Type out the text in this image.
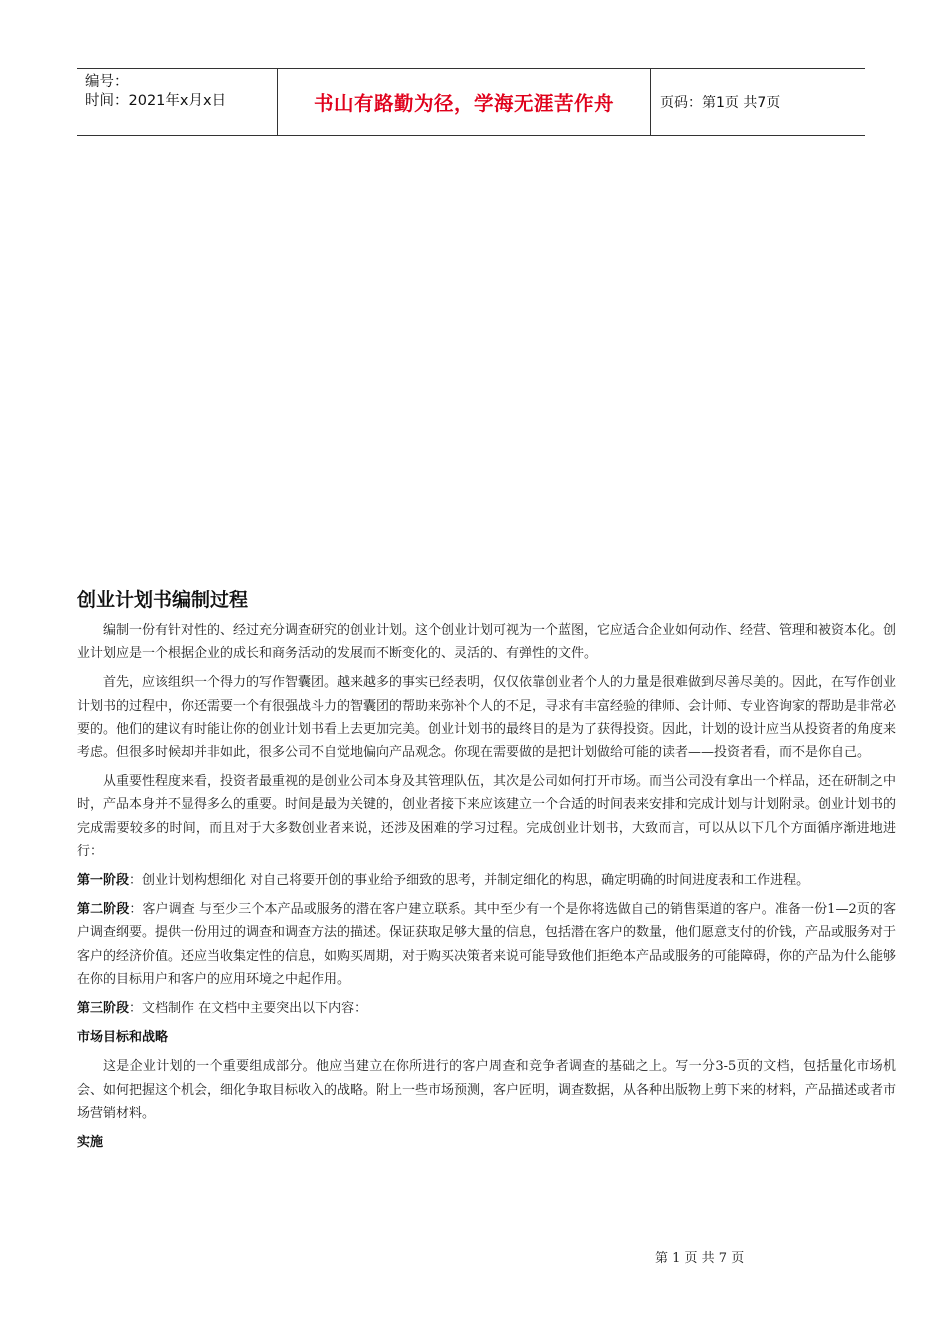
编号：
时间：2021年x月x日	书山有路勤为径，学海无涯苦作舟	页码：第1页 共7页
创业计划书编制过程

编制一份有针对性的、经过充分调查研究的创业计划。这个创业计划可视为一个蓝图，它应适合企业如何动作、经营、管理和被资本化。创业计划应是一个根据企业的成长和商务活动的发展而不断变化的、灵活的、有弹性的文件。

首先，应该组织一个得力的写作智囊团。越来越多的事实已经表明，仅仅依靠创业者个人的力量是很难做到尽善尽美的。因此，在写作创业计划书的过程中，你还需要一个有很强战斗力的智囊团的帮助来弥补个人的不足，寻求有丰富经验的律师、会计师、专业咨询家的帮助是非常必要的。他们的建议有时能让你的创业计划书看上去更加完美。创业计划书的最终目的是为了获得投资。因此，计划的设计应当从投资者的角度来考虑。但很多时候却并非如此，很多公司不自觉地偏向产品观念。你现在需要做的是把计划做给可能的读者——投资者看，而不是你自己。

从重要性程度来看，投资者最重视的是创业公司本身及其管理队伍，其次是公司如何打开市场。而当公司没有拿出一个样品，还在研制之中时，产品本身并不显得多么的重要。时间是最为关键的，创业者接下来应该建立一个合适的时间表来安排和完成计划与计划附录。创业计划书的完成需要较多的时间，而且对于大多数创业者来说，还涉及困难的学习过程。完成创业计划书，大致而言，可以从以下几个方面循序渐进地进行：

第一阶段：创业计划构想细化 对自己将要开创的事业给予细致的思考，并制定细化的构思，确定明确的时间进度表和工作进程。

第二阶段：客户调查 与至少三个本产品或服务的潜在客户建立联系。其中至少有一个是你将选做自己的销售渠道的客户。准备一份1—2页的客户调查纲要。提供一份用过的调查和调查方法的描述。保证获取足够大量的信息，包括潜在客户的数量，他们愿意支付的价钱，产品或服务对于客户的经济价值。还应当收集定性的信息，如购买周期，对于购买决策者来说可能导致他们拒绝本产品或服务的可能障碍，你的产品为什么能够在你的目标用户和客户的应用环境之中起作用。

第三阶段：文档制作 在文档中主要突出以下内容：

市场目标和战略

这是企业计划的一个重要组成部分。他应当建立在你所进行的客户周查和竞争者调查的基础之上。写一分3-5页的文档，包括量化市场机会、如何把握这个机会，细化争取目标收入的战略。附上一些市场预测，客户匠明，调查数据，从各种出版物上剪下来的材料，产品描述或者市场营销材料。

实施
第 1 页 共 7 页
